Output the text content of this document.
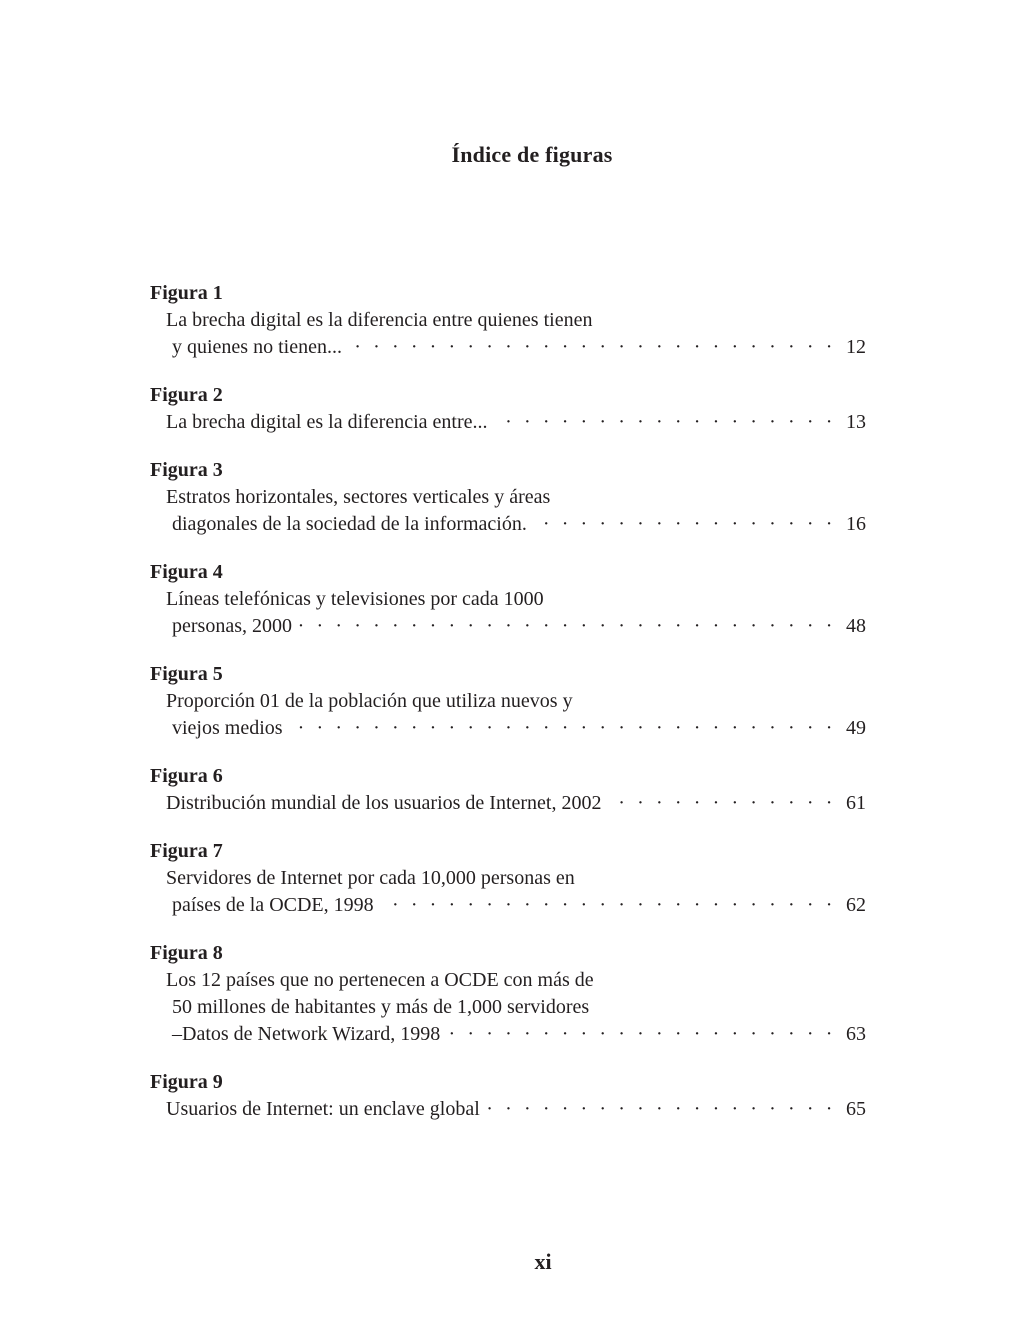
Índice de figuras
Figura 1
La brecha digital es la diferencia entre quienes tienen
y quienes no tienen... · · ·	12
Figura 2
La brecha digital es la diferencia entre... · · ·	13
Figura 3
Estratos horizontales, sectores verticales y áreas
diagonales de la sociedad de la información. · · ·	16
Figura 4
Líneas telefónicas y televisiones por cada 1000
personas, 2000 · · ·	48
Figura 5
Proporción 01 de la población que utiliza nuevos y
viejos medios · · ·	49
Figura 6
Distribución mundial de los usuarios de Internet, 2002 · · ·	61
Figura 7
Servidores de Internet por cada 10,000 personas en
países de la OCDE, 1998 · · ·	62
Figura 8
Los 12 países que no pertenecen a OCDE con más de
50 millones de habitantes y más de 1,000 servidores
–Datos de Network Wizard, 1998 · · ·	63
Figura 9
Usuarios de Internet: un enclave global · · ·	65
xi
